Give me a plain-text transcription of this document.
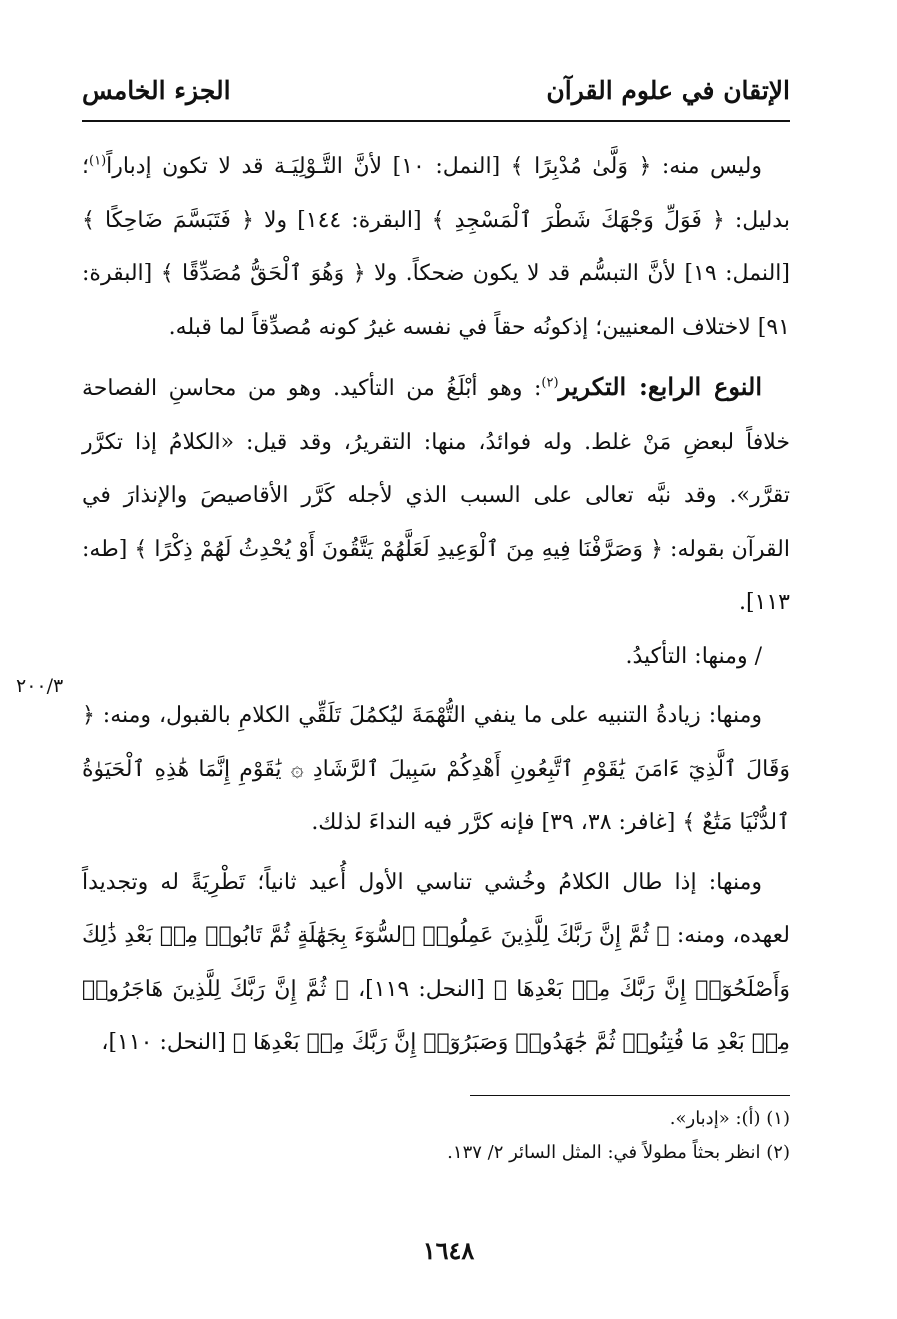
الإتقان في علوم القرآن
الجزء الخامس
٢٠٠/٣

وليس منه: ﴿ وَلَّىٰ مُدْبِرًا ﴾ [النمل: ١٠] لأنَّ التَّـوْلِيَـة قد لا تكون إدباراً$^{(١)}$؛ بدليل: ﴿ فَوَلِّ وَجْهَكَ شَطْرَ ٱلْمَسْجِدِ ﴾ [البقرة: ١٤٤] ولا ﴿ فَتَبَسَّمَ ضَاحِكًا ﴾ [النمل: ١٩] لأنَّ التبسُّم قد لا يكون ضحكاً. ولا ﴿ وَهُوَ ٱلْحَقُّ مُصَدِّقًا ﴾ [البقرة: ٩١] لاختلاف المعنيين؛ إذكونُه حقاً في نفسه غيرُ كونه مُصدِّقاً لما قبله.

النوع الرابع: التكرير$^{(٢)}$: وهو أبْلَغُ من التأكيد. وهو من محاسنِ الفصاحة خلافاً لبعضِ مَنْ غلط. وله فوائدُ، منها: التقريرُ، وقد قيل: «الكلامُ إذا تكرَّر تقرَّر». وقد نبَّه تعالى على السبب الذي لأجله كَرَّر الأقاصيصَ والإنذارَ في القرآن بقوله: ﴿ وَصَرَّفْنَا فِيهِ مِنَ ٱلْوَعِيدِ لَعَلَّهُمْ يَتَّقُونَ أَوْ يُحْدِثُ لَهُمْ ذِكْرًا ﴾ [طه: ١١٣].

/ ومنها: التأكيدُ.

ومنها: زيادةُ التنبيه على ما ينفي التُّهْمَةَ ليُكمُلَ تَلَقِّي الكلامِ بالقبول، ومنه: ﴿ وَقَالَ ٱلَّذِيٓ ءَامَنَ يَٰقَوْمِ ٱتَّبِعُونِ أَهْدِكُمْ سَبِيلَ ٱلرَّشَادِ ۞ يَٰقَوْمِ إِنَّمَا هَٰذِهِ ٱلْحَيَوٰةُ ٱلدُّنْيَا مَتَٰعٌ ﴾ [غافر: ٣٨، ٣٩] فإنه كرَّر فيه النداءَ لذلك.

ومنها: إذا طال الكلامُ وخُشي تناسي الأول أُعيد ثانياً؛ تَطْرِيَةً له وتجديداً لعهده، ومنه: ﴿ ثُمَّ إِنَّ رَبَّكَ لِلَّذِينَ عَمِلُوا۟ ٱلسُّوٓءَ بِجَهَٰلَةٍ ثُمَّ تَابُوا۟ مِنۢ بَعْدِ ذَٰلِكَ وَأَصْلَحُوٓا۟ إِنَّ رَبَّكَ مِنۢ بَعْدِهَا ﴾ [النحل: ١١٩]، ﴿ ثُمَّ إِنَّ رَبَّكَ لِلَّذِينَ هَاجَرُوا۟ مِنۢ بَعْدِ مَا فُتِنُوا۟ ثُمَّ جَٰهَدُوا۟ وَصَبَرُوٓا۟ إِنَّ رَبَّكَ مِنۢ بَعْدِهَا ﴾ [النحل: ١١٠]،

(١) (أ): «إدبار».
(٢) انظر بحثاً مطولاً في: المثل السائر ٢/ ١٣٧.
١٦٤٨
